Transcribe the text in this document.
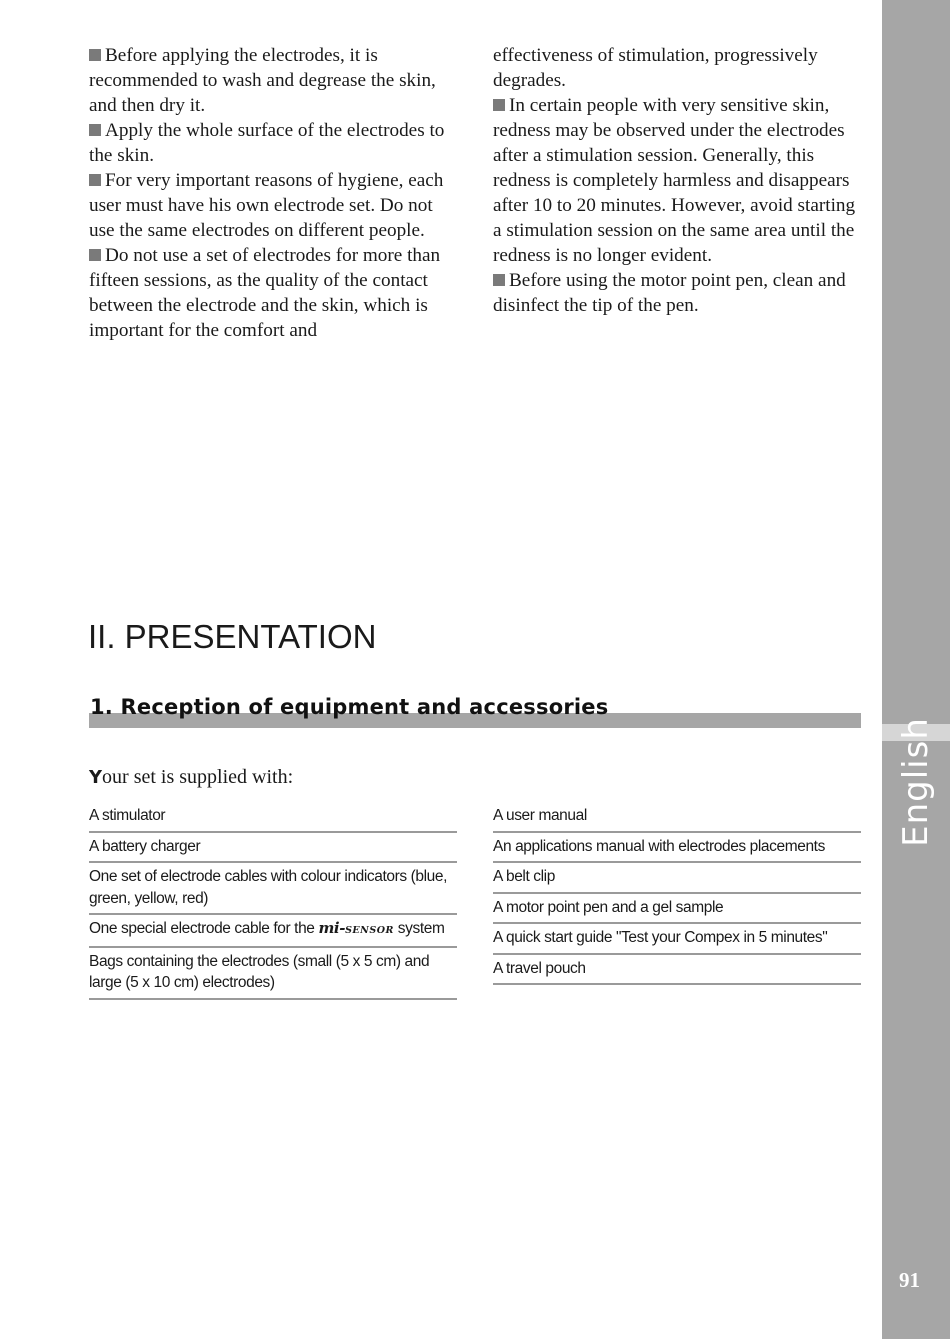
English
91

Before applying the electrodes, it is recommended to wash and degrease the skin, and then dry it.

Apply the whole surface of the electrodes to the skin.

For very important reasons of hygiene, each user must have his own electrode set. Do not use the same electrodes on different people.

Do not use a set of electrodes for more than fifteen sessions, as the quality of the contact between the electrode and the skin, which is important for the comfort and

effectiveness of stimulation, progressively degrades.

In certain people with very sensitive skin, redness may be observed under the electrodes after a stimulation session. Generally, this redness is completely harmless and disappears after 10 to 20 minutes. However, avoid starting a stimulation session on the same area until the redness is no longer evident.

Before using the motor point pen, clean and disinfect the tip of the pen.

II. PRESENTATION
1. Reception of equipment and accessories
Your set is supplied with:
A stimulator
A battery charger
One set of electrode cables with colour indicators (blue, green, yellow, red)
One special electrode cable for the mi-SENSOR system
Bags containing the electrodes (small (5 x 5 cm) and large (5 x 10 cm) electrodes)
A user manual
An applications manual with electrodes placements
A belt clip
A motor point pen and a gel sample
A quick start guide "Test your Compex in 5 minutes"
A travel pouch
